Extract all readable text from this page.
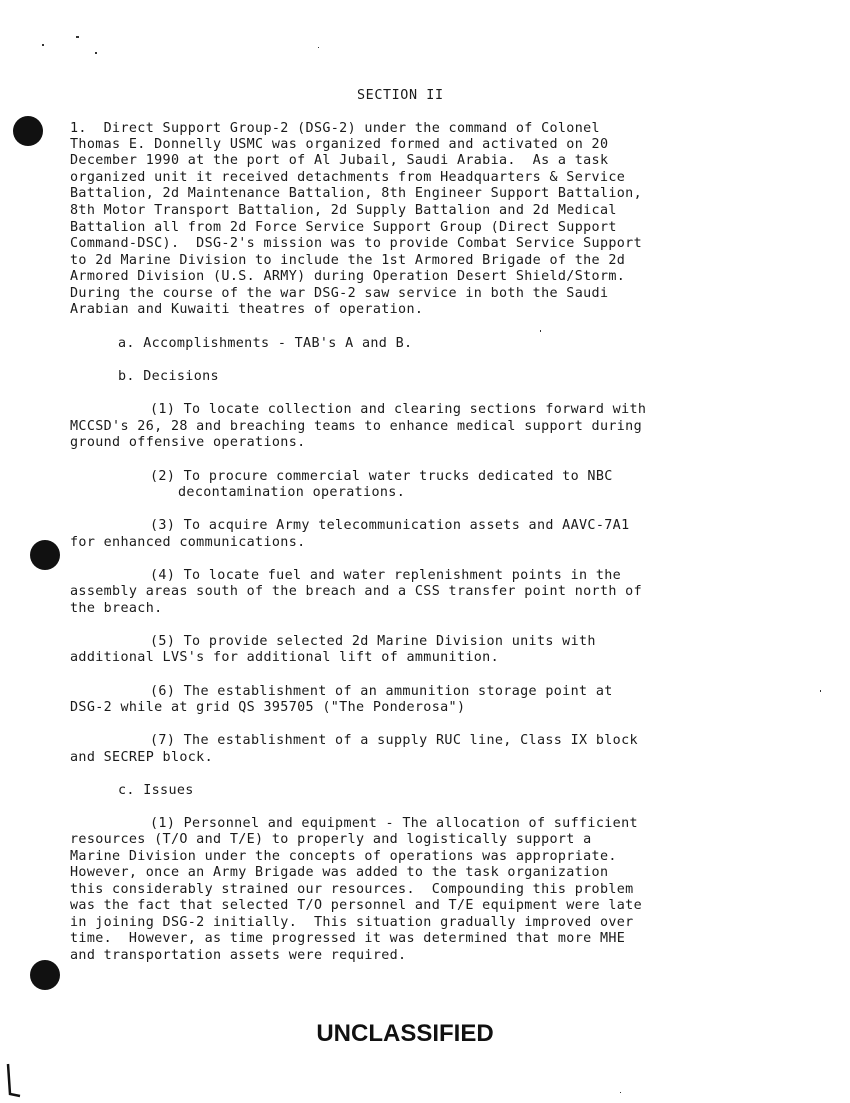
SECTION II
1.  Direct Support Group-2 (DSG-2) under the command of Colonel
Thomas E. Donnelly USMC was organized formed and activated on 20
December 1990 at the port of Al Jubail, Saudi Arabia.  As a task
organized unit it received detachments from Headquarters & Service
Battalion, 2d Maintenance Battalion, 8th Engineer Support Battalion,
8th Motor Transport Battalion, 2d Supply Battalion and 2d Medical
Battalion all from 2d Force Service Support Group (Direct Support
Command-DSC).  DSG-2's mission was to provide Combat Service Support
to 2d Marine Division to include the 1st Armored Brigade of the 2d
Armored Division (U.S. ARMY) during Operation Desert Shield/Storm.
During the course of the war DSG-2 saw service in both the Saudi
Arabian and Kuwaiti theatres of operation.
a. Accomplishments - TAB's A and B.
b. Decisions
(1) To locate collection and clearing sections forward with
MCCSD's 26, 28 and breaching teams to enhance medical support during
ground offensive operations.
(2) To procure commercial water trucks dedicated to NBC
decontamination operations.
(3) To acquire Army telecommunication assets and AAVC-7A1
for enhanced communications.
(4) To locate fuel and water replenishment points in the
assembly areas south of the breach and a CSS transfer point north of
the breach.
(5) To provide selected 2d Marine Division units with
additional LVS's for additional lift of ammunition.
(6) The establishment of an ammunition storage point at
DSG-2 while at grid QS 395705 ("The Ponderosa")
(7) The establishment of a supply RUC line, Class IX block
and SECREP block.
c. Issues
(1) Personnel and equipment - The allocation of sufficient
resources (T/O and T/E) to properly and logistically support a
Marine Division under the concepts of operations was appropriate.
However, once an Army Brigade was added to the task organization
this considerably strained our resources.  Compounding this problem
was the fact that selected T/O personnel and T/E equipment were late
in joining DSG-2 initially.  This situation gradually improved over
time.  However, as time progressed it was determined that more MHE
and transportation assets were required.
UNCLASSIFIED
